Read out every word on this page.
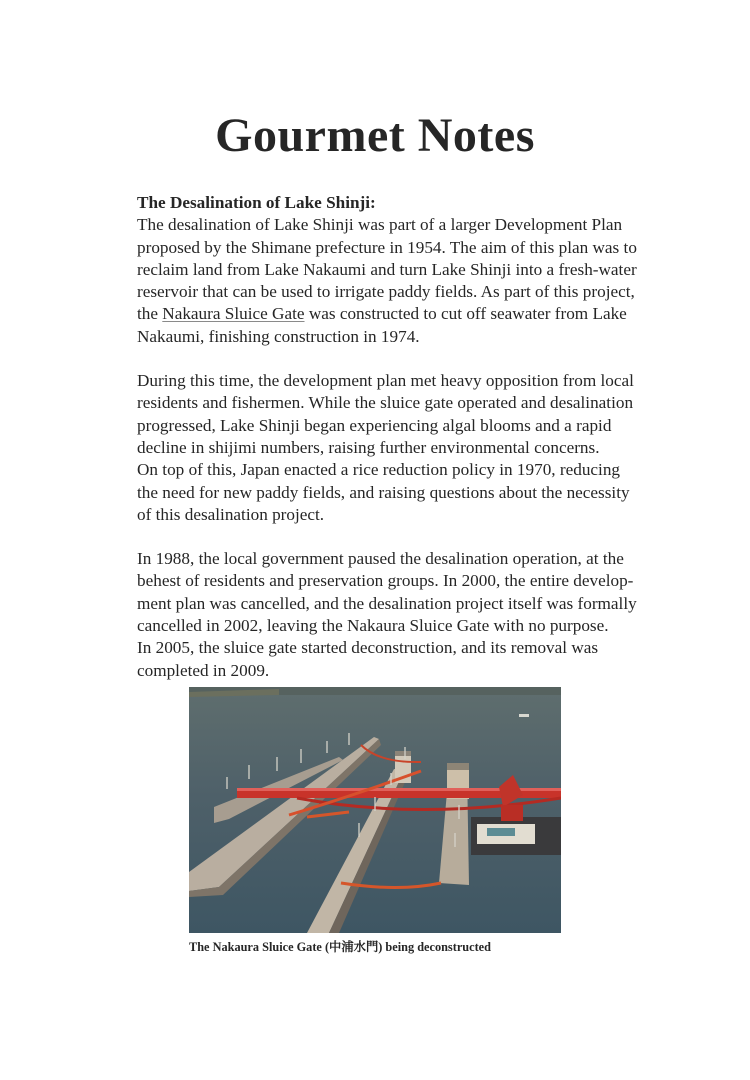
Gourmet Notes
The Desalination of Lake Shinji:

The desalination of Lake Shinji was part of a larger Development Plan proposed by the Shimane prefecture in 1954. The aim of this plan was to reclaim land from Lake Nakaumi and turn Lake Shinji into a fresh-water reservoir that can be used to irrigate paddy fields. As part of this project, the Nakaura Sluice Gate was constructed to cut off seawater from Lake Nakaumi, finishing construction in 1974.

During this time, the development plan met heavy opposition from local residents and fishermen. While the sluice gate operated and desalination progressed, Lake Shinji began experiencing algal blooms and a rapid decline in shijimi numbers, raising further environmental concerns.

On top of this, Japan enacted a rice reduction policy in 1970, reducing the need for new paddy fields, and raising questions about the necessity of this desalination project.

In 1988, the local government paused the desalination operation, at the behest of residents and preservation groups. In 2000, the entire develop-ment plan was cancelled, and the desalination project itself was formally cancelled in 2002, leaving the Nakaura Sluice Gate with no purpose.

In 2005, the sluice gate started deconstruction, and its removal was completed in 2009.

The Nakaura Sluice Gate (中浦水門) being deconstructed
